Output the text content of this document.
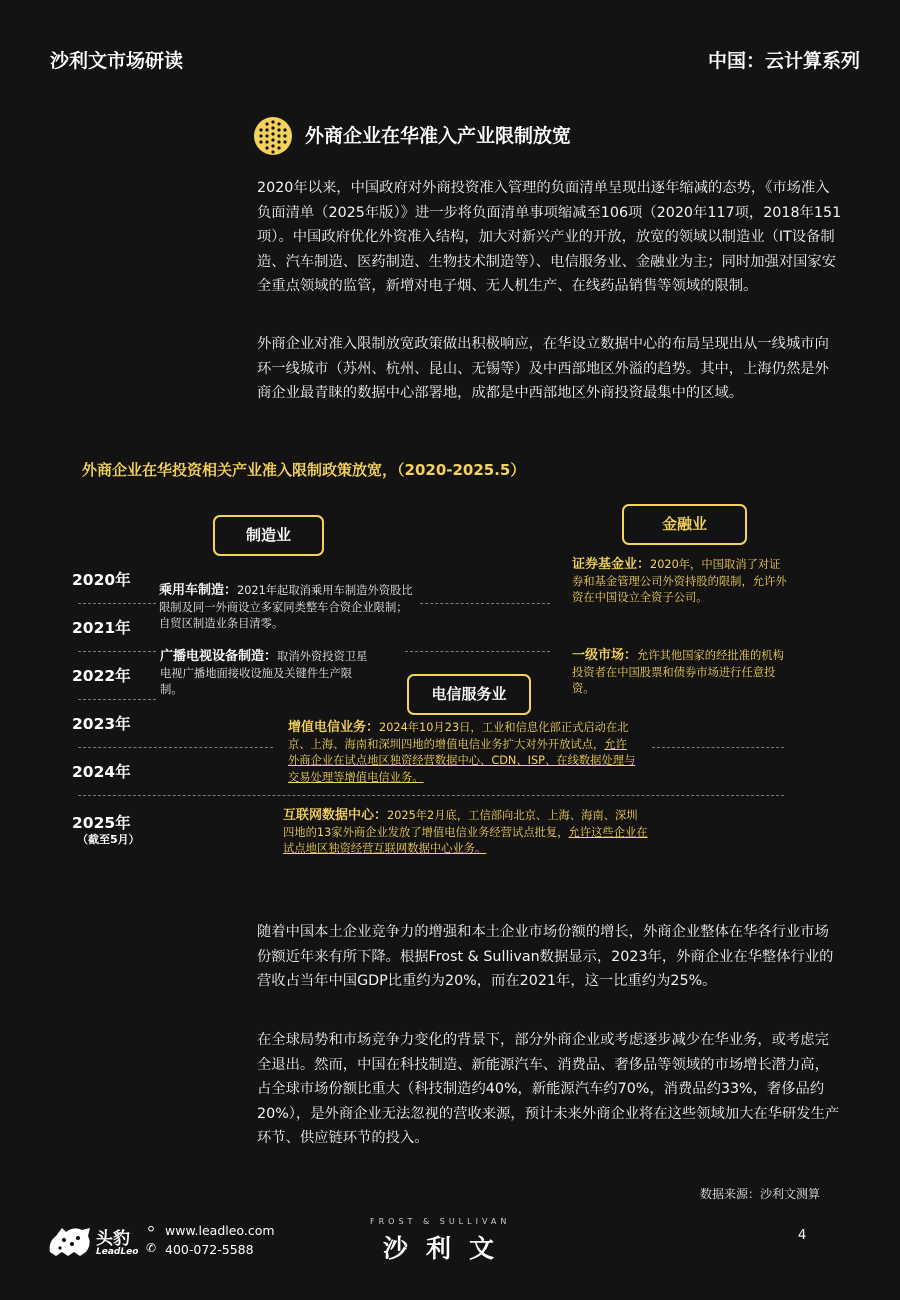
沙利文市场研读	中国：云计算系列
外商企业在华准入产业限制放宽
2020年以来，中国政府对外商投资准入管理的负面清单呈现出逐年缩减的态势，《市场准入负面清单（2025年版）》进一步将负面清单事项缩减至106项（2020年117项，2018年151项）。中国政府优化外资准入结构，加大对新兴产业的开放，放宽的领域以制造业（IT设备制造、汽车制造、医药制造、生物技术制造等）、电信服务业、金融业为主；同时加强对国家安全重点领域的监管，新增对电子烟、无人机生产、在线药品销售等领域的限制。
外商企业对准入限制放宽政策做出积极响应，在华设立数据中心的布局呈现出从一线城市向环一线城市（苏州、杭州、昆山、无锡等）及中西部地区外溢的趋势。其中，上海仍然是外商企业最青睐的数据中心部署地，成都是中西部地区外商投资最集中的区域。
外商企业在华投资相关产业准入限制政策放宽，（2020-2025.5）
制造业
金融业
电信服务业
2020年
2021年
2022年
2023年
2024年
2025年
（截至5月）
乘用车制造：2021年起取消乘用车制造外资股比限制及同一外商设立多家同类整车合资企业限制；自贸区制造业条目清零。
广播电视设备制造：取消外资投资卫星电视广播地面接收设施及关键件生产限制。
证券基金业：2020年，中国取消了对证券和基金管理公司外资持股的限制，允许外资在中国设立全资子公司。
一级市场：允许其他国家的经批准的机构投资者在中国股票和债券市场进行任意投资。
增值电信业务：2024年10月23日，工业和信息化部正式启动在北京、上海、海南和深圳四地的增值电信业务扩大对外开放试点，允许外商企业在试点地区独资经营数据中心、CDN、ISP、在线数据处理与交易处理等增值电信业务。
互联网数据中心：2025年2月底，工信部向北京、上海、海南、深圳四地的13家外商企业发放了增值电信业务经营试点批复，允许这些企业在试点地区独资经营互联网数据中心业务。
随着中国本土企业竞争力的增强和本土企业市场份额的增长，外商企业整体在华各行业市场份额近年来有所下降。根据Frost & Sullivan数据显示，2023年，外商企业在华整体行业的营收占当年中国GDP比重约为20%，而在2021年，这一比重约为25%。
在全球局势和市场竞争力变化的背景下，部分外商企业或考虑逐步减少在华业务，或考虑完全退出。然而，中国在科技制造、新能源汽车、消费品、奢侈品等领域的市场增长潜力高，占全球市场份额比重大（科技制造约40%，新能源汽车约70%，消费品约33%，奢侈品约20%），是外商企业无法忽视的营收来源，预计未来外商企业将在这些领域加大在华研发生产环节、供应链环节的投入。
数据来源：沙利文测算
头豹
LeadLeo
⚪
✆
www.leadleo.com
400-072-5588
FROST & SULLIVAN
沙利文	4
